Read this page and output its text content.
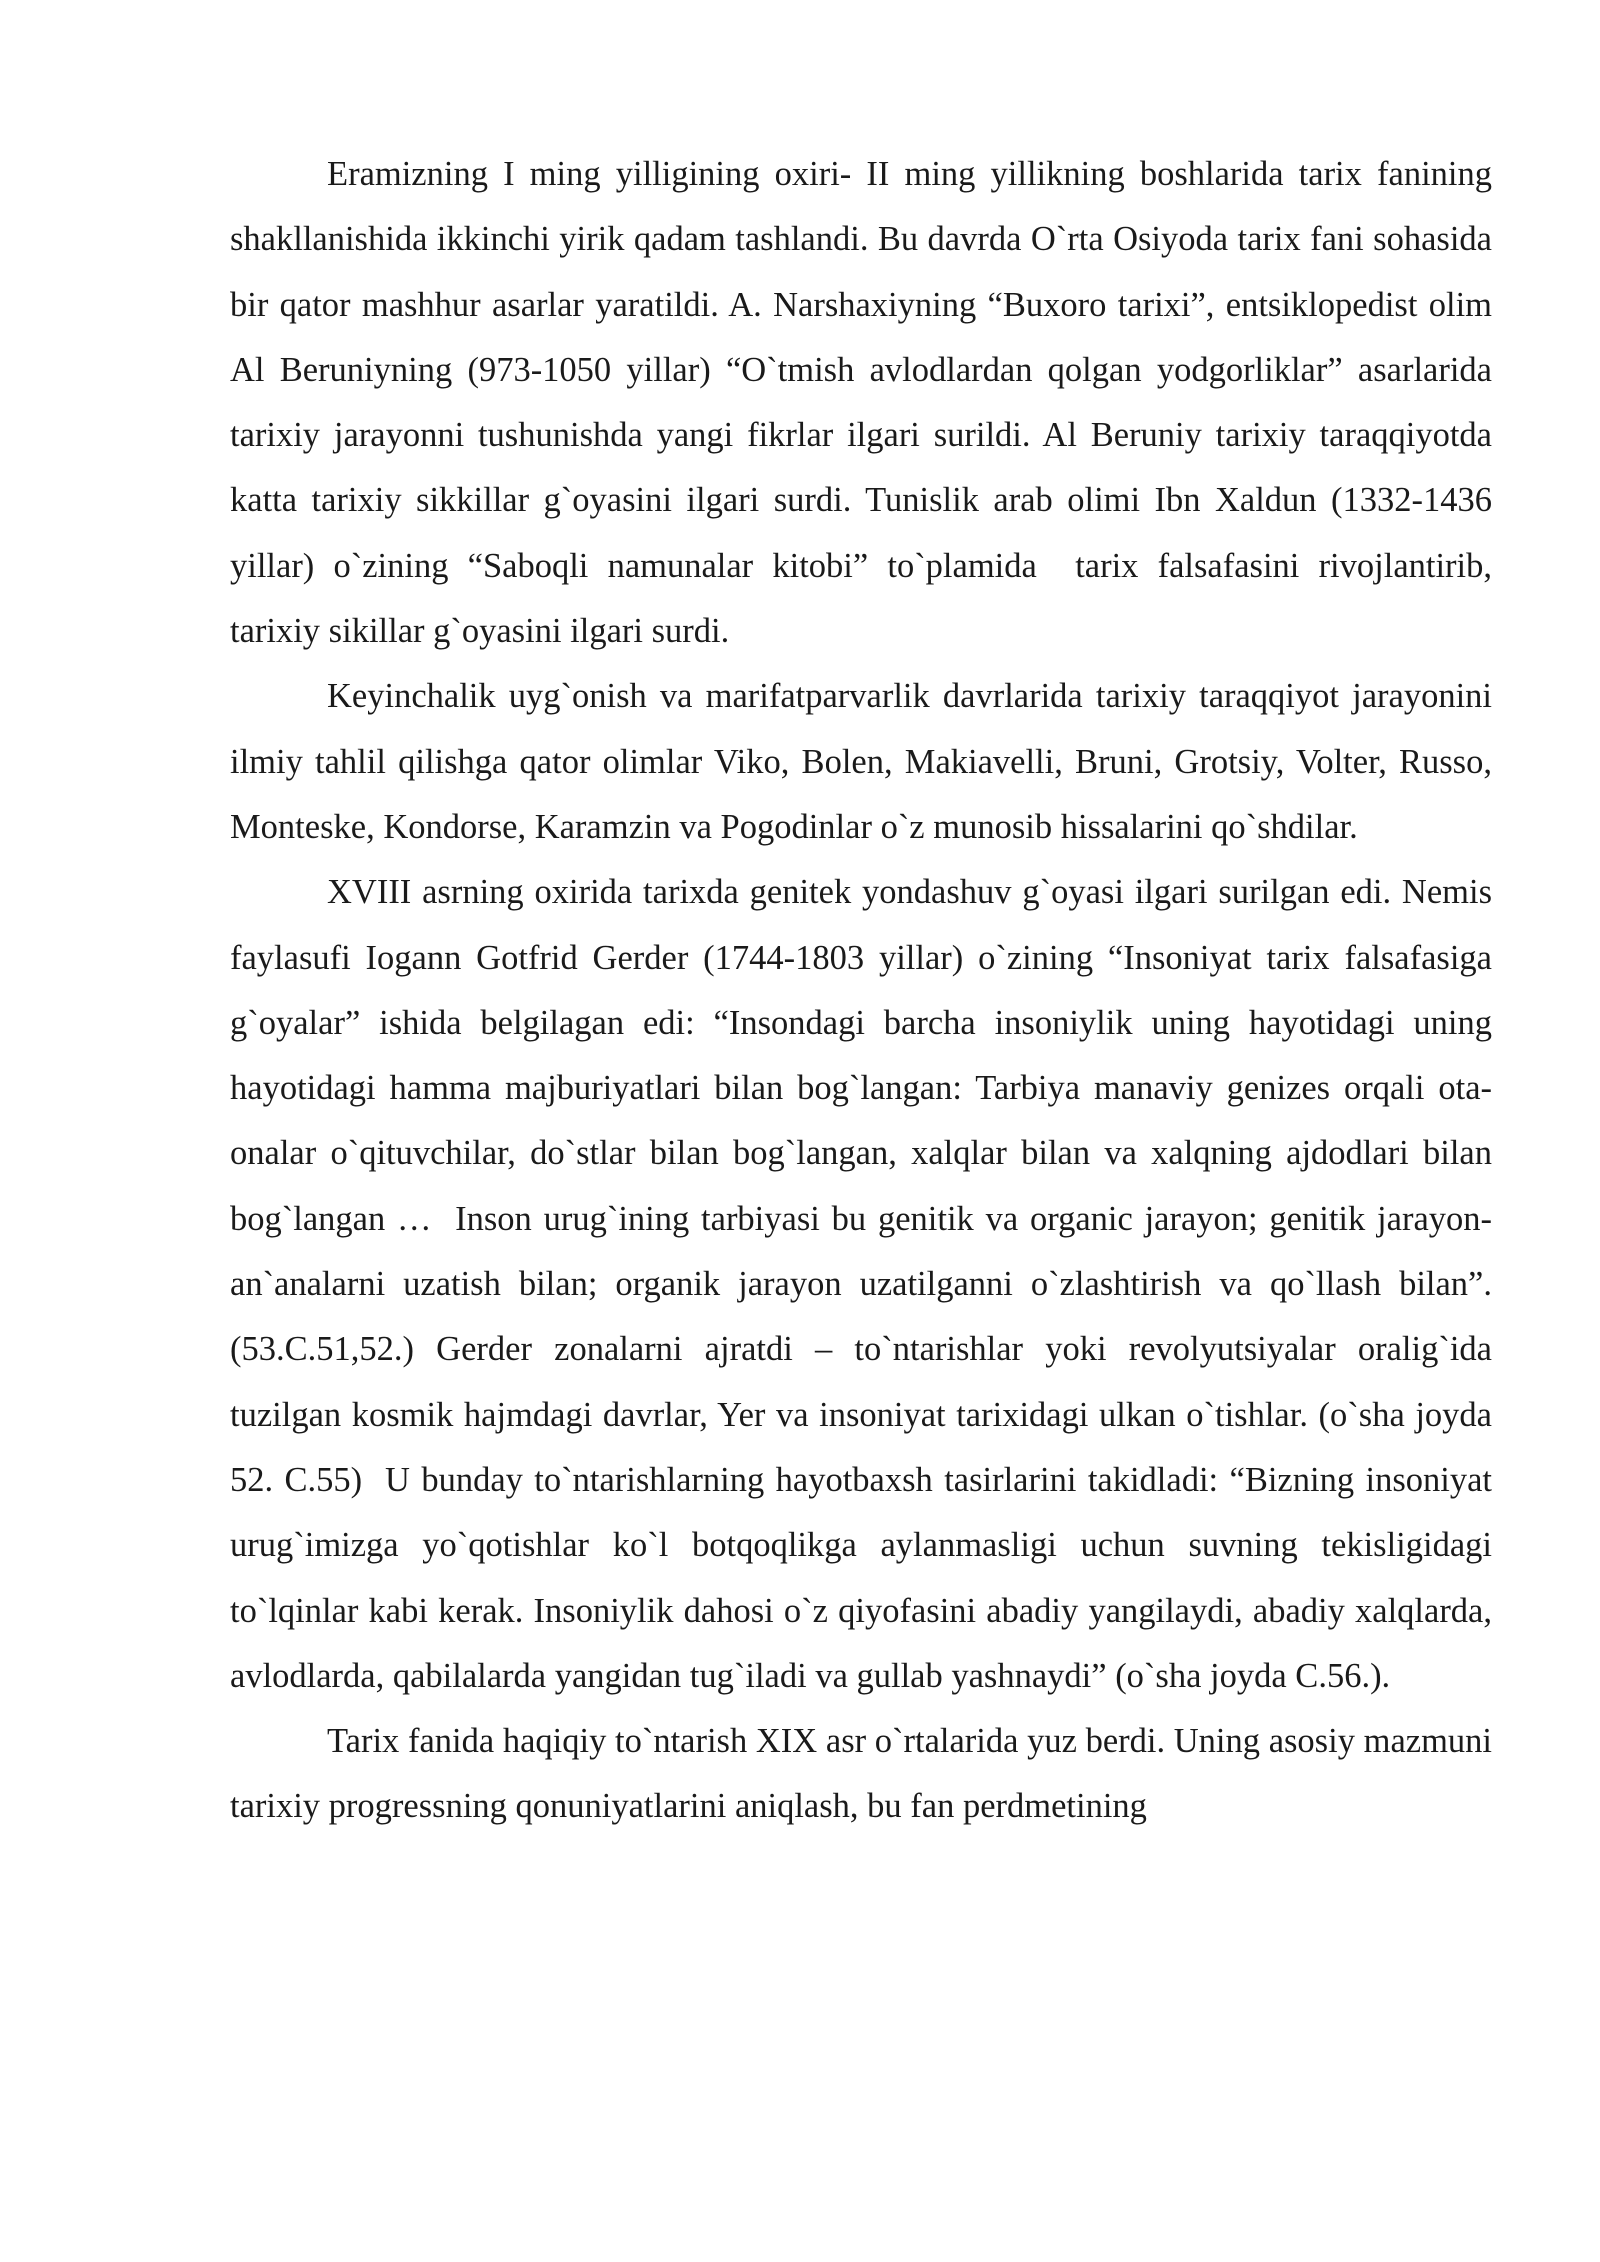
Eramizning I ming yilligining oxiri- II ming yillikning boshlarida tarix fanining shakllanishida ikkinchi yirik qadam tashlandi. Bu davrda O`rta Osiyoda tarix fani sohasida bir qator mashhur asarlar yaratildi. A. Narshaxiyning “Buxoro tarixi”, entsiklopedist olim Al Beruniyning (973-1050 yillar) “O`tmish avlodlardan qolgan yodgorliklar” asarlarida tarixiy jarayonni tushunishda yangi fikrlar ilgari surildi. Al Beruniy tarixiy taraqqiyotda katta tarixiy sikkillar g`oyasini ilgari surdi. Tunislik arab olimi Ibn Xaldun (1332-1436 yillar) o`zining “Saboqli namunalar kitobi” to`plamida  tarix falsafasini rivojlantirib, tarixiy sikillar g`oyasini ilgari surdi.

Keyinchalik uyg`onish va marifatparvarlik davrlarida tarixiy taraqqiyot jarayonini ilmiy tahlil qilishga qator olimlar Viko, Bolen, Makiavelli, Bruni, Grotsiy, Volter, Russo, Monteske, Kondorse, Karamzin va Pogodinlar o`z munosib hissalarini qo`shdilar.

XVIII asrning oxirida tarixda genitek yondashuv g`oyasi ilgari surilgan edi. Nemis faylasufi Iogann Gotfrid Gerder (1744-1803 yillar) o`zining “Insoniyat tarix falsafasiga g`oyalar” ishida belgilagan edi: “Insondagi barcha insoniylik uning hayotidagi uning hayotidagi hamma majburiyatlari bilan bog`langan: Tarbiya manaviy genizes orqali ota-onalar o`qituvchilar, do`stlar bilan bog`langan, xalqlar bilan va xalqning ajdodlari bilan bog`langan …  Inson urug`ining tarbiyasi bu genitik va organic jarayon; genitik jarayon- an`analarni uzatish bilan; organik jarayon uzatilganni o`zlashtirish va qo`llash bilan”. (53.C.51,52.) Gerder zonalarni ajratdi – to`ntarishlar yoki revolyutsiyalar oralig`ida tuzilgan kosmik hajmdagi davrlar, Yer va insoniyat tarixidagi ulkan o`tishlar. (o`sha joyda 52. C.55)  U bunday to`ntarishlarning hayotbaxsh tasirlarini takidladi: “Bizning insoniyat urug`imizga yo`qotishlar ko`l botqoqlikga aylanmasligi uchun suvning tekisligidagi to`lqinlar kabi kerak. Insoniylik dahosi o`z qiyofasini abadiy yangilaydi, abadiy xalqlarda, avlodlarda, qabilalarda yangidan tug`iladi va gullab yashnaydi” (o`sha joyda C.56.).

Tarix fanida haqiqiy to`ntarish XIX asr o`rtalarida yuz berdi. Uning asosiy mazmuni tarixiy progressning qonuniyatlarini aniqlash, bu fan perdmetining
